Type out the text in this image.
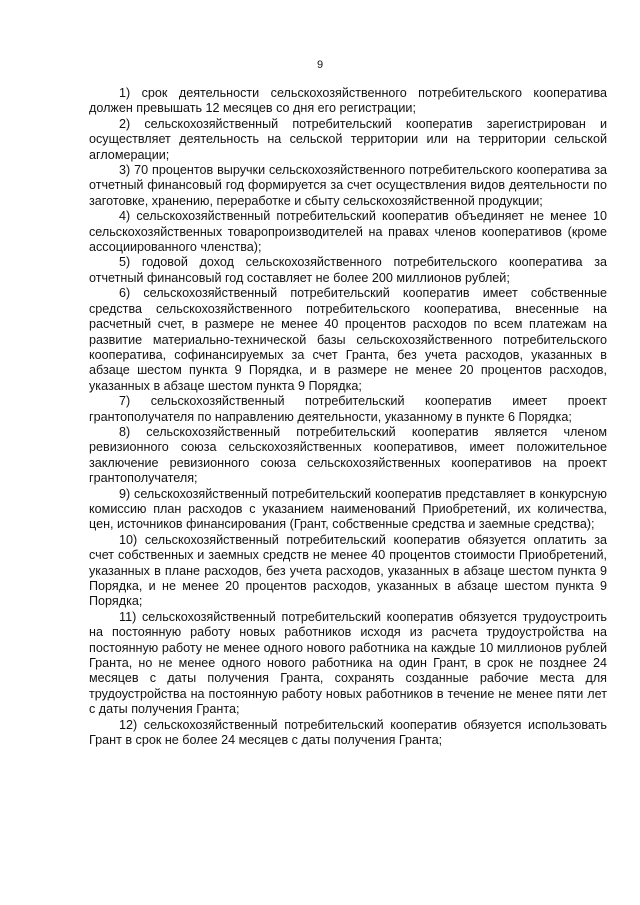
9

1) срок деятельности сельскохозяйственного потребительского кооператива должен превышать 12 месяцев со дня его регистрации;

2) сельскохозяйственный потребительский кооператив зарегистрирован и осуществляет деятельность на сельской территории или на территории сельской агломерации;

3) 70 процентов выручки сельскохозяйственного потребительского кооператива за отчетный финансовый год формируется за счет осуществления видов деятельности по заготовке, хранению, переработке и сбыту сельскохозяйственной продукции;

4) сельскохозяйственный потребительский кооператив объединяет не менее 10 сельскохозяйственных товаропроизводителей на правах членов кооперативов (кроме ассоциированного членства);

5) годовой доход сельскохозяйственного потребительского кооператива за отчетный финансовый год составляет не более 200 миллионов рублей;

6) сельскохозяйственный потребительский кооператив имеет собственные средства сельскохозяйственного потребительского кооператива, внесенные на расчетный счет, в размере не менее 40 процентов расходов по всем платежам на развитие материально-технической базы сельскохозяйственного потребительского кооператива, софинансируемых за счет Гранта, без учета расходов, указанных в абзаце шестом пункта 9 Порядка, и в размере не менее 20 процентов расходов, указанных в абзаце шестом пункта 9 Порядка;

7) сельскохозяйственный потребительский кооператив имеет проект грантополучателя по направлению деятельности, указанному в пункте 6 Порядка;

8) сельскохозяйственный потребительский кооператив является членом ревизионного союза сельскохозяйственных кооперативов, имеет положительное заключение ревизионного союза сельскохозяйственных кооперативов на проект грантополучателя;

9) сельскохозяйственный потребительский кооператив представляет в конкурсную комиссию план расходов с указанием наименований Приобретений, их количества, цен, источников финансирования (Грант, собственные средства и заемные средства);

10) сельскохозяйственный потребительский кооператив обязуется оплатить за счет собственных и заемных средств не менее 40 процентов стоимости Приобретений, указанных в плане расходов, без учета расходов, указанных в абзаце шестом пункта 9 Порядка, и не менее 20 процентов расходов, указанных в абзаце шестом пункта 9 Порядка;

11) сельскохозяйственный потребительский кооператив обязуется трудоустроить на постоянную работу новых работников исходя из расчета трудоустройства на постоянную работу не менее одного нового работника на каждые 10 миллионов рублей Гранта, но не менее одного нового работника на один Грант, в срок не позднее 24 месяцев с даты получения Гранта, сохранять созданные рабочие места для трудоустройства на постоянную работу новых работников в течение не менее пяти лет с даты получения Гранта;

12) сельскохозяйственный потребительский кооператив обязуется использовать Грант в срок не более 24 месяцев с даты получения Гранта;
